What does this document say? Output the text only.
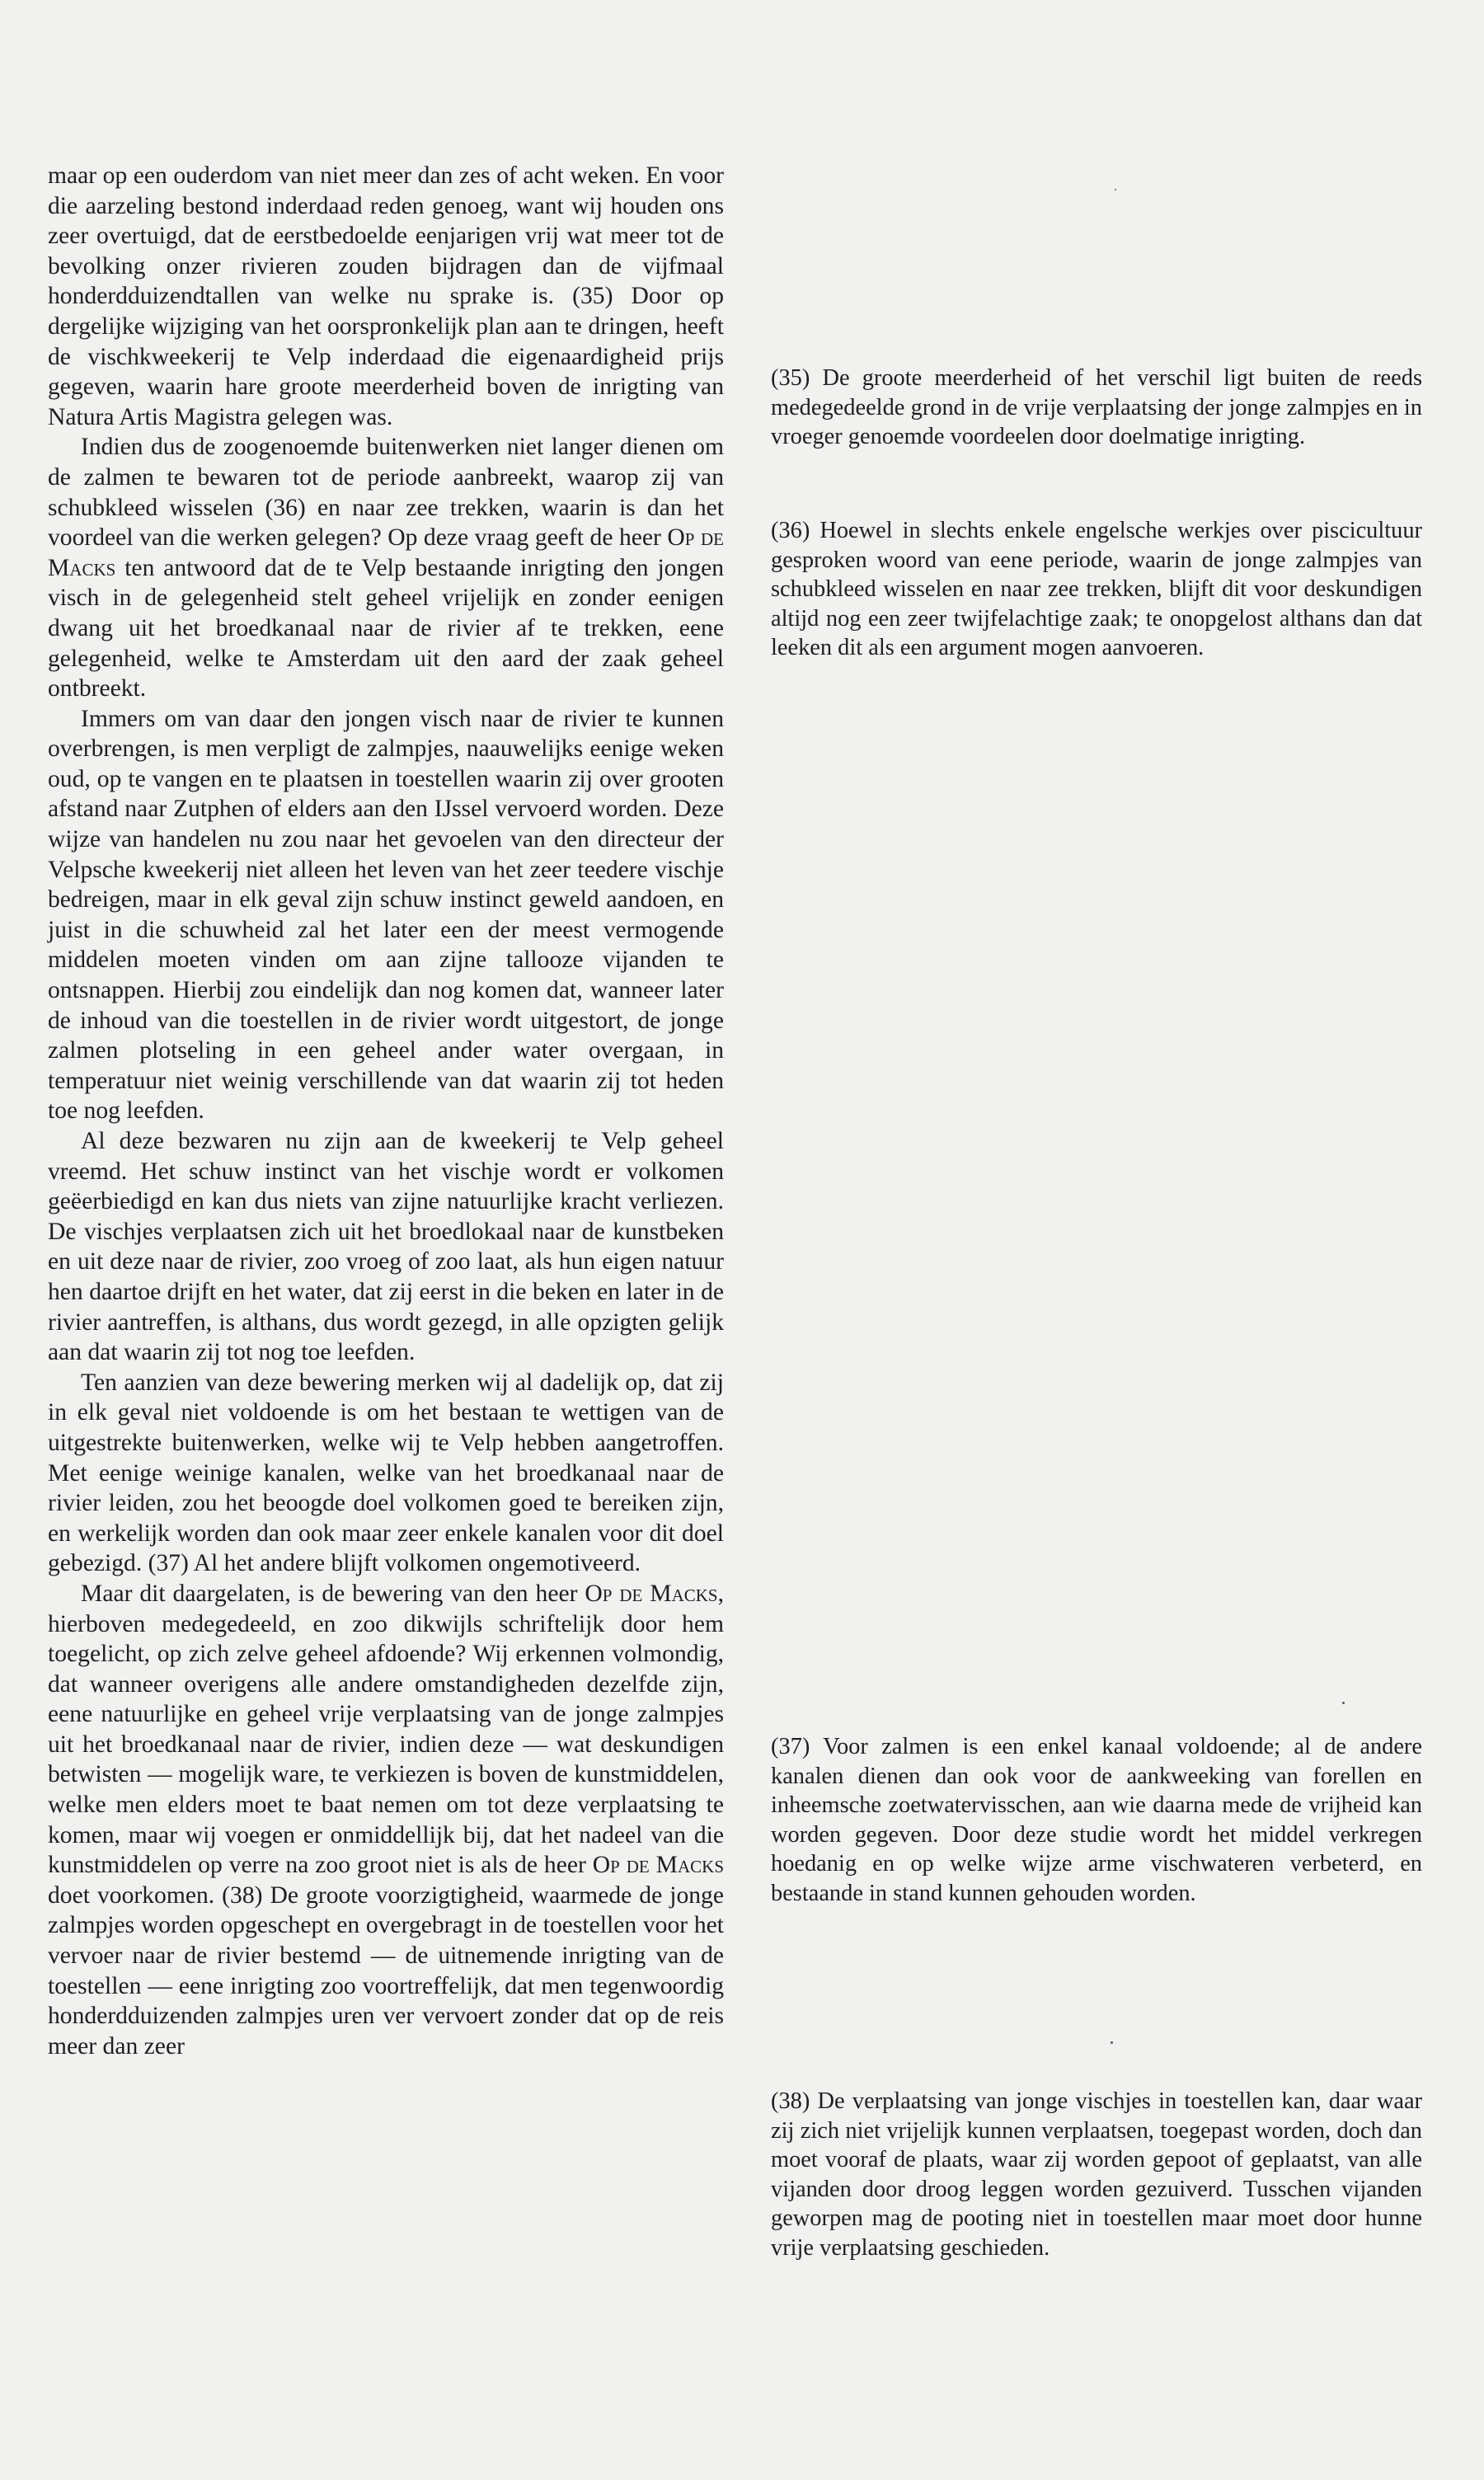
maar op een ouderdom van niet meer dan zes of acht weken. En voor die aarzeling bestond inderdaad reden genoeg, want wij houden ons zeer overtuigd, dat de eerstbedoelde eenjarigen vrij wat meer tot de bevolking onzer rivieren zouden bijdragen dan de vijfmaal honderdduizendtallen van welke nu sprake is. (35) Door op dergelijke wijziging van het oorspronkelijk plan aan te dringen, heeft de vischkweekerij te Velp inderdaad die eigenaardigheid prijs gegeven, waarin hare groote meerderheid boven de inrigting van Natura Artis Magistra gelegen was.

Indien dus de zoogenoemde buitenwerken niet langer dienen om de zalmen te bewaren tot de periode aanbreekt, waarop zij van schubkleed wisselen (36) en naar zee trekken, waarin is dan het voordeel van die werken gelegen? Op deze vraag geeft de heer Op de Macks ten antwoord dat de te Velp bestaande inrigting den jongen visch in de gelegenheid stelt geheel vrijelijk en zonder eenigen dwang uit het broedkanaal naar de rivier af te trekken, eene gelegenheid, welke te Amsterdam uit den aard der zaak geheel ontbreekt.

Immers om van daar den jongen visch naar de rivier te kunnen overbrengen, is men verpligt de zalmpjes, naauwelijks eenige weken oud, op te vangen en te plaatsen in toestellen waarin zij over grooten afstand naar Zutphen of elders aan den IJssel vervoerd worden. Deze wijze van handelen nu zou naar het gevoelen van den directeur der Velpsche kweekerij niet alleen het leven van het zeer teedere vischje bedreigen, maar in elk geval zijn schuw instinct geweld aandoen, en juist in die schuwheid zal het later een der meest vermogende middelen moeten vinden om aan zijne tallooze vijanden te ontsnappen. Hierbij zou eindelijk dan nog komen dat, wanneer later de inhoud van die toestellen in de rivier wordt uitgestort, de jonge zalmen plotseling in een geheel ander water overgaan, in temperatuur niet weinig verschillende van dat waarin zij tot heden toe nog leefden.

Al deze bezwaren nu zijn aan de kweekerij te Velp geheel vreemd. Het schuw instinct van het vischje wordt er volkomen geëerbiedigd en kan dus niets van zijne natuurlijke kracht verliezen. De vischjes verplaatsen zich uit het broedlokaal naar de kunstbeken en uit deze naar de rivier, zoo vroeg of zoo laat, als hun eigen natuur hen daartoe drijft en het water, dat zij eerst in die beken en later in de rivier aantreffen, is althans, dus wordt gezegd, in alle opzigten gelijk aan dat waarin zij tot nog toe leefden.

Ten aanzien van deze bewering merken wij al dadelijk op, dat zij in elk geval niet voldoende is om het bestaan te wettigen van de uitgestrekte buitenwerken, welke wij te Velp hebben aangetroffen. Met eenige weinige kanalen, welke van het broedkanaal naar de rivier leiden, zou het beoogde doel volkomen goed te bereiken zijn, en werkelijk worden dan ook maar zeer enkele kanalen voor dit doel gebezigd. (37) Al het andere blijft volkomen ongemotiveerd.

Maar dit daargelaten, is de bewering van den heer Op de Macks, hierboven medegedeeld, en zoo dikwijls schriftelijk door hem toegelicht, op zich zelve geheel afdoende? Wij erkennen volmondig, dat wanneer overigens alle andere omstandigheden dezelfde zijn, eene natuurlijke en geheel vrije verplaatsing van de jonge zalmpjes uit het broedkanaal naar de rivier, indien deze — wat deskundigen betwisten — mogelijk ware, te verkiezen is boven de kunstmiddelen, welke men elders moet te baat nemen om tot deze verplaatsing te komen, maar wij voegen er onmiddellijk bij, dat het nadeel van die kunstmiddelen op verre na zoo groot niet is als de heer Op de Macks doet voorkomen. (38) De groote voorzigtigheid, waarmede de jonge zalmpjes worden opgeschept en overgebragt in de toestellen voor het vervoer naar de rivier bestemd — de uitnemende inrigting van de toestellen — eene inrigting zoo voortreffelijk, dat men tegenwoordig honderdduizenden zalmpjes uren ver vervoert zonder dat op de reis meer dan zeer

(35) De groote meerderheid of het verschil ligt buiten de reeds medegedeelde grond in de vrije verplaatsing der jonge zalmpjes en in vroeger genoemde voordeelen door doelmatige inrigting.

(36) Hoewel in slechts enkele engelsche werkjes over piscicultuur gesproken woord van eene periode, waarin de jonge zalmpjes van schubkleed wisselen en naar zee trekken, blijft dit voor deskundigen altijd nog een zeer twijfelachtige zaak; te onopgelost althans dan dat leeken dit als een argument mogen aanvoeren.

(37) Voor zalmen is een enkel kanaal voldoende; al de andere kanalen dienen dan ook voor de aankweeking van forellen en inheemsche zoetwatervisschen, aan wie daarna mede de vrijheid kan worden gegeven. Door deze studie wordt het middel verkregen hoedanig en op welke wijze arme vischwateren verbeterd, en bestaande in stand kunnen gehouden worden.

(38) De verplaatsing van jonge vischjes in toestellen kan, daar waar zij zich niet vrijelijk kunnen verplaatsen, toegepast worden, doch dan moet vooraf de plaats, waar zij worden gepoot of geplaatst, van alle vijanden door droog leggen worden gezuiverd. Tusschen vijanden geworpen mag de pooting niet in toestellen maar moet door hunne vrije verplaatsing geschieden.
